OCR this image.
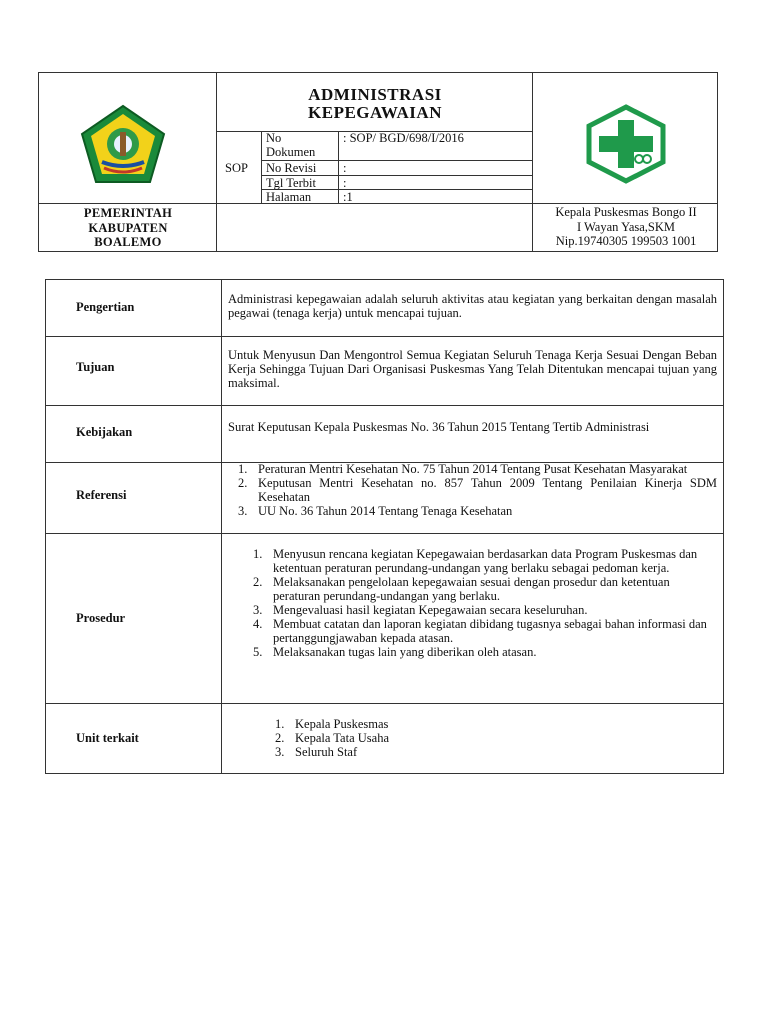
ADMINISTRASI
KEPEGAWAIAN
SOP
No
Dokumen
: SOP/ BGD/698/I/2016
No Revisi :
Tgl Terbit :
Halaman	:1
PEMERINTAH
KABUPATEN
BOALEMO
Kepala Puskesmas Bongo II
I Wayan Yasa,SKM
Nip.19740305 199503 1001
Pengertian
Administrasi kepegawaian adalah seluruh aktivitas atau kegiatan yang berkaitan dengan masalah pegawai (tenaga kerja) untuk mencapai tujuan.
Tujuan
Untuk Menyusun Dan Mengontrol Semua Kegiatan Seluruh Tenaga Kerja Sesuai Dengan Beban Kerja Sehingga Tujuan Dari Organisasi Puskesmas Yang Telah Ditentukan mencapai tujuan yang maksimal.
Kebijakan	Surat Keputusan Kepala Puskesmas No. 36 Tahun 2015 Tentang Tertib Administrasi
Referensi
1. Peraturan Mentri Kesehatan No. 75 Tahun 2014 Tentang Pusat Kesehatan Masyarakat
2. Keputusan Mentri Kesehatan no. 857 Tahun 2009 Tentang Penilaian Kinerja SDM Kesehatan
3. UU No. 36 Tahun 2014 Tentang Tenaga Kesehatan
Prosedur
1. Menyusun rencana kegiatan Kepegawaian berdasarkan data Program Puskesmas dan ketentuan peraturan perundang-undangan yang berlaku sebagai pedoman kerja.
2. Melaksanakan pengelolaan kepegawaian sesuai dengan prosedur dan ketentuan peraturan perundang-undangan yang berlaku.
3. Mengevaluasi hasil kegiatan Kepegawaian secara keseluruhan.
4. Membuat catatan dan laporan kegiatan dibidang tugasnya sebagai bahan informasi dan pertanggungjawaban kepada atasan.
5. Melaksanakan tugas lain yang diberikan oleh atasan.
Unit terkait
1. Kepala Puskesmas
2. Kepala Tata Usaha
3. Seluruh Staf
